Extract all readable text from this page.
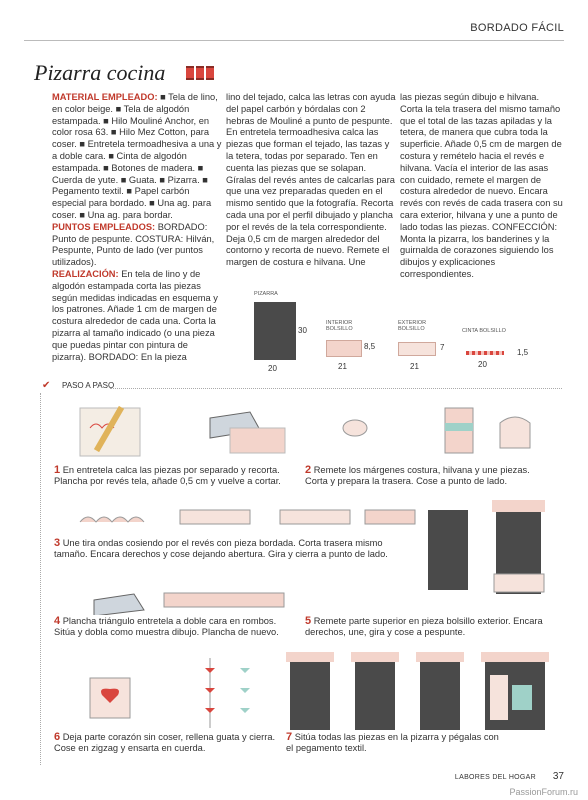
BORDADO FÁCIL
Pizarra cocina
MATERIAL EMPLEADO: ■ Tela de lino, en color beige. ■ Tela de algodón estampada. ■ Hilo Mouliné Anchor, en color rosa 63. ■ Hilo Mez Cotton, para coser. ■ Entretela termoadhesiva a una y a doble cara. ■ Cinta de algodón estampada. ■ Botones de madera. ■ Cuerda de yute. ■ Guata. ■ Pizarra. ■ Pegamento textil. ■ Papel carbón especial para bordado. ■ Una ag. para coser. ■ Una ag. para bordar.
PUNTOS EMPLEADOS: BORDADO: Punto de pespunte. COSTURA: Hilván, Pespunte, Punto de lado (ver puntos utilizados).
REALIZACIÓN: En tela de lino y de algodón estampada corta las piezas según medidas indicadas en esquema y los patrones. Añade 1 cm de margen de costura alrededor de cada una. Corta la pizarra al tamaño indicado (o una pieza que puedas pintar con pintura de pizarra). BORDADO: En la pieza
lino del tejado, calca las letras con ayuda del papel carbón y bórdalas con 2 hebras de Mouliné a punto de pespunte. En entretela termoadhesiva calca las piezas que forman el tejado, las tazas y la tetera, todas por separado. Ten en cuenta las piezas que se solapan. Gíralas del revés antes de calcarlas para que una vez preparadas queden en el mismo sentido que la fotografía. Recorta cada una por el perfil dibujado y plancha por el revés de la tela correspondiente. Deja 0,5 cm de margen alrededor del contorno y recorta de nuevo. Remete el margen de costura e hilvana. Une
las piezas según dibujo e hilvana. Corta la tela trasera del mismo tamaño que el total de las tazas apiladas y la tetera, de manera que cubra toda la superficie. Añade 0,5 cm de margen de costura y remételo hacia el revés e hilvana. Vacía el interior de las asas con cuidado, remete el margen de costura alrededor de nuevo. Encara revés con revés de cada trasera con su cara exterior, hilvana y une a punto de lado todas las piezas. CONFECCIÓN: Monta la pizarra, los banderines y la guirnalda de corazones siguiendo los dibujos y explicaciones correspondientes.
PIZARRA
30
20
INTERIOR BOLSILLO
8,5
21
EXTERIOR BOLSILLO
7
21
CINTA BOLSILLO
1,5
20
✔ PASO A PASO
1 En entretela calca las piezas por separado y recorta. Plancha por revés tela, añade 0,5 cm y vuelve a cortar.
2 Remete los márgenes costura, hilvana y une piezas. Corta y prepara la trasera. Cose a punto de lado.
3 Une tira ondas cosiendo por el revés con pieza bordada. Corta trasera mismo tamaño. Encara derechos y cose dejando abertura. Gira y cierra a punto de lado.
4 Plancha triángulo entretela a doble cara en rombos. Sitúa y dobla como muestra dibujo. Plancha de nuevo.
5 Remete parte superior en pieza bolsillo exterior. Encara derechos, une, gira y cose a pespunte.
6 Deja parte corazón sin coser, rellena guata y cierra. Cose en zigzag y ensarta en cuerda.
7 Sitúa todas las piezas en la pizarra y pégalas con el pegamento textil.
LABORES DEL HOGAR 37
PassionForum.ru
